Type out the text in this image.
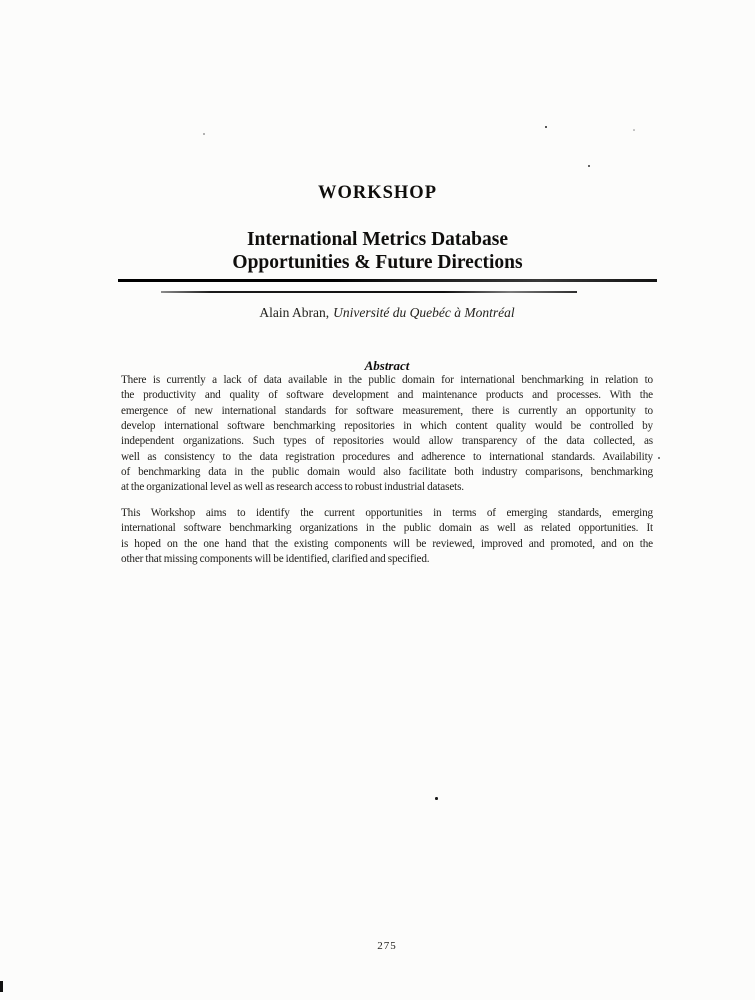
WORKSHOP
International Metrics Database
Opportunities & Future Directions
Alain Abran, Université du Quebéc à Montréal
Abstract
There is currently a lack of data available in the public domain for international benchmarking in relation to
the productivity and quality of software development and maintenance products and processes. With the
emergence of new international standards for software measurement, there is currently an opportunity to
develop international software benchmarking repositories in which content quality would be controlled by
independent organizations. Such types of repositories would allow transparency of the data collected, as
well as consistency to the data registration procedures and adherence to international standards. Availability
of benchmarking data in the public domain would also facilitate both industry comparisons, benchmarking
at the organizational level as well as research access to robust industrial datasets.
This Workshop aims to identify the current opportunities in terms of emerging standards, emerging
international software benchmarking organizations in the public domain as well as related opportunities. It
is hoped on the one hand that the existing components will be reviewed, improved and promoted, and on the
other that missing components will be identified, clarified and specified.
275
